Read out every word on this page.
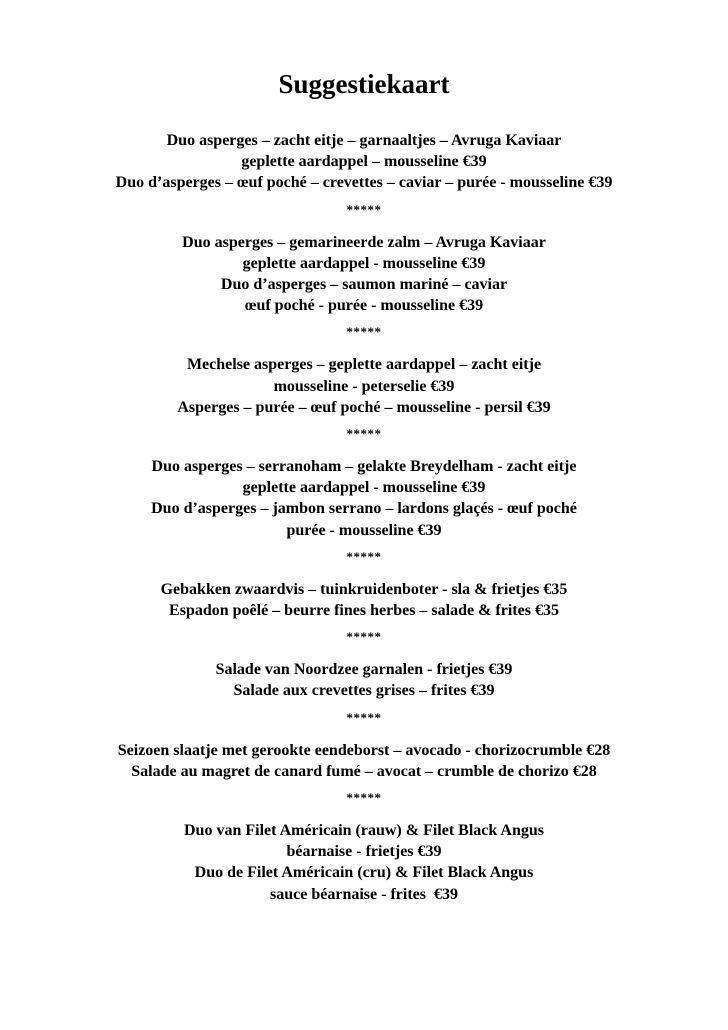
Suggestiekaart
Duo asperges – zacht eitje – garnaaltjes – Avruga Kaviaar
geplette aardappel – mousseline €39
Duo d’asperges – œuf poché – crevettes – caviar – purée - mousseline €39
*****
Duo asperges – gemarineerde zalm – Avruga Kaviaar
geplette aardappel - mousseline €39
Duo d’asperges – saumon mariné – caviar
œuf poché - purée - mousseline €39
*****
Mechelse asperges – geplette aardappel – zacht eitje
mousseline - peterselie €39
Asperges – purée – œuf poché – mousseline - persil €39
*****
Duo asperges – serranoham – gelakte Breydelham - zacht eitje
geplette aardappel - mousseline €39
Duo d’asperges – jambon serrano – lardons glaçés - œuf poché
purée - mousseline €39
*****
Gebakken zwaardvis – tuinkruidenboter - sla & frietjes €35
Espadon poêlé – beurre fines herbes – salade & frites €35
*****
Salade van Noordzee garnalen - frietjes €39
Salade aux crevettes grises – frites €39
*****
Seizoen slaatje met gerookte eendeborst – avocado - chorizocrumble €28
Salade au magret de canard fumé – avocat – crumble de chorizo €28
*****
Duo van Filet Américain (rauw) & Filet Black Angus
béarnaise - frietjes €39
Duo de Filet Américain (cru) & Filet Black Angus
sauce béarnaise - frites  €39
